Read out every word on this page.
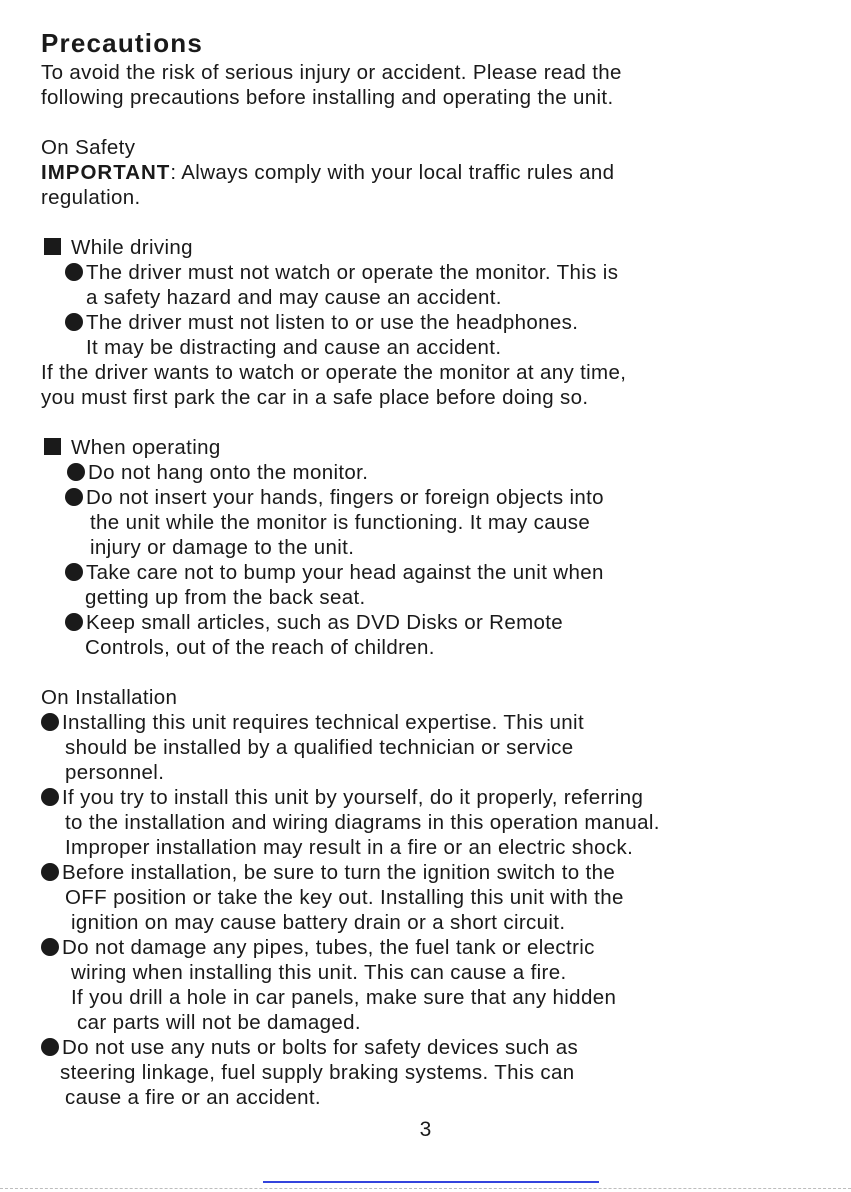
Precautions
To avoid the risk of serious injury or accident. Please read the
following precautions before installing and operating the unit.
On Safety
IMPORTANT: Always comply with your local traffic rules and
regulation.
While driving
The driver must not watch or operate the monitor. This is
a safety hazard and may cause an accident.
The driver must not listen to or use the headphones.
It may be distracting and cause an accident.
If the driver wants to watch or operate the monitor at any time,
you must first park the car in a safe place before doing so.
When operating
Do not hang onto the monitor.
Do not insert your hands, fingers or foreign objects into
the unit while the monitor is functioning. It may cause
injury or damage to the unit.
Take care not to bump your head against the unit when
getting up from the back seat.
Keep small articles, such as DVD Disks or Remote
Controls, out of the reach of children.
On Installation
Installing this unit requires technical expertise. This unit
should be installed by a qualified technician or service
personnel.
If you try to install this unit by yourself, do it properly, referring
to the installation and wiring diagrams in this operation manual.
Improper installation may result in a fire or an electric shock.
Before installation, be sure to turn the ignition switch to the
OFF position or take the key out. Installing this unit with the
ignition on may cause battery drain or a short circuit.
Do not damage any pipes, tubes, the fuel tank or electric
wiring when installing this unit. This can cause a fire.
If you drill a hole in car panels, make sure that any hidden
car parts will not be damaged.
Do not use any nuts or bolts for safety devices such as
steering linkage, fuel supply braking systems. This can
cause a fire or an accident.
3
